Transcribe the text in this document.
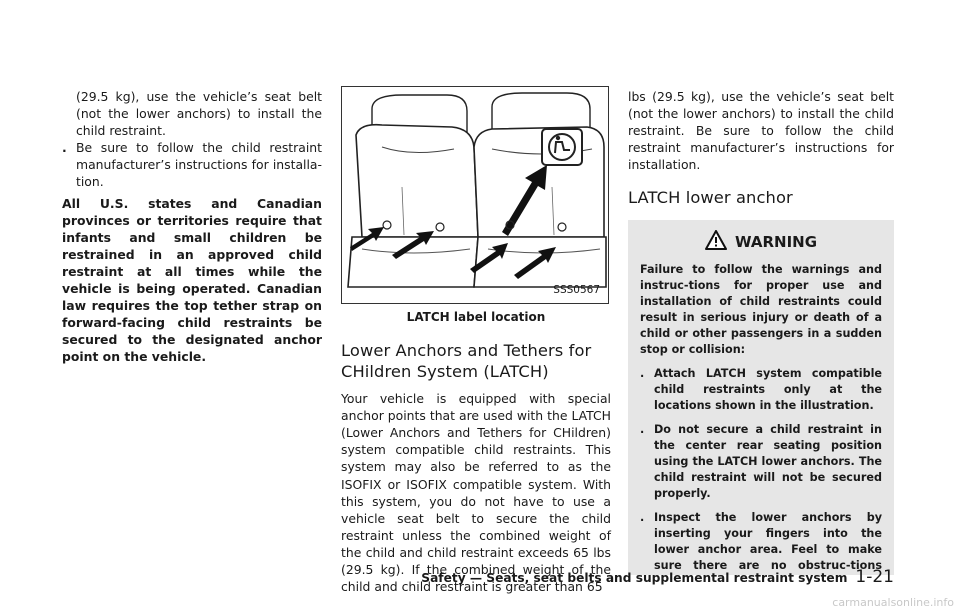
(29.5 kg), use the vehicle’s seat belt (not the lower anchors) to install the child restraint.

. Be sure to follow the child restraint manufacturer’s instructions for installa-tion.

All U.S. states and Canadian provinces or territories require that infants and small children be restrained in an approved child restraint at all times while the vehicle is being operated. Canadian law requires the top tether strap on forward-facing child restraints be secured to the designated anchor point on the vehicle.

SSS0567
LATCH label location
Lower Anchors and Tethers for CHildren System (LATCH)

Your vehicle is equipped with special anchor points that are used with the LATCH (Lower Anchors and Tethers for CHildren) system compatible child restraints. This system may also be referred to as the ISOFIX or ISOFIX compatible system. With this system, you do not have to use a vehicle seat belt to secure the child restraint unless the combined weight of the child and child restraint exceeds 65 lbs (29.5 kg). If the combined weight of the child and child restraint is greater than 65

lbs (29.5 kg), use the vehicle’s seat belt (not the lower anchors) to install the child restraint. Be sure to follow the child restraint manufacturer’s instructions for installation.

LATCH lower anchor
WARNING

Failure to follow the warnings and instruc-tions for proper use and installation of child restraints could result in serious injury or death of a child or other passengers in a sudden stop or collision:

. Attach LATCH system compatible child restraints only at the locations shown in the illustration.
. Do not secure a child restraint in the center rear seating position using the LATCH lower anchors. The child restraint will not be secured properly.
. Inspect the lower anchors by inserting your fingers into the lower anchor area. Feel to make sure there are no obstruc-tions
Safety — Seats, seat belts and supplemental restraint system 1-21
carmanualsonline.info
